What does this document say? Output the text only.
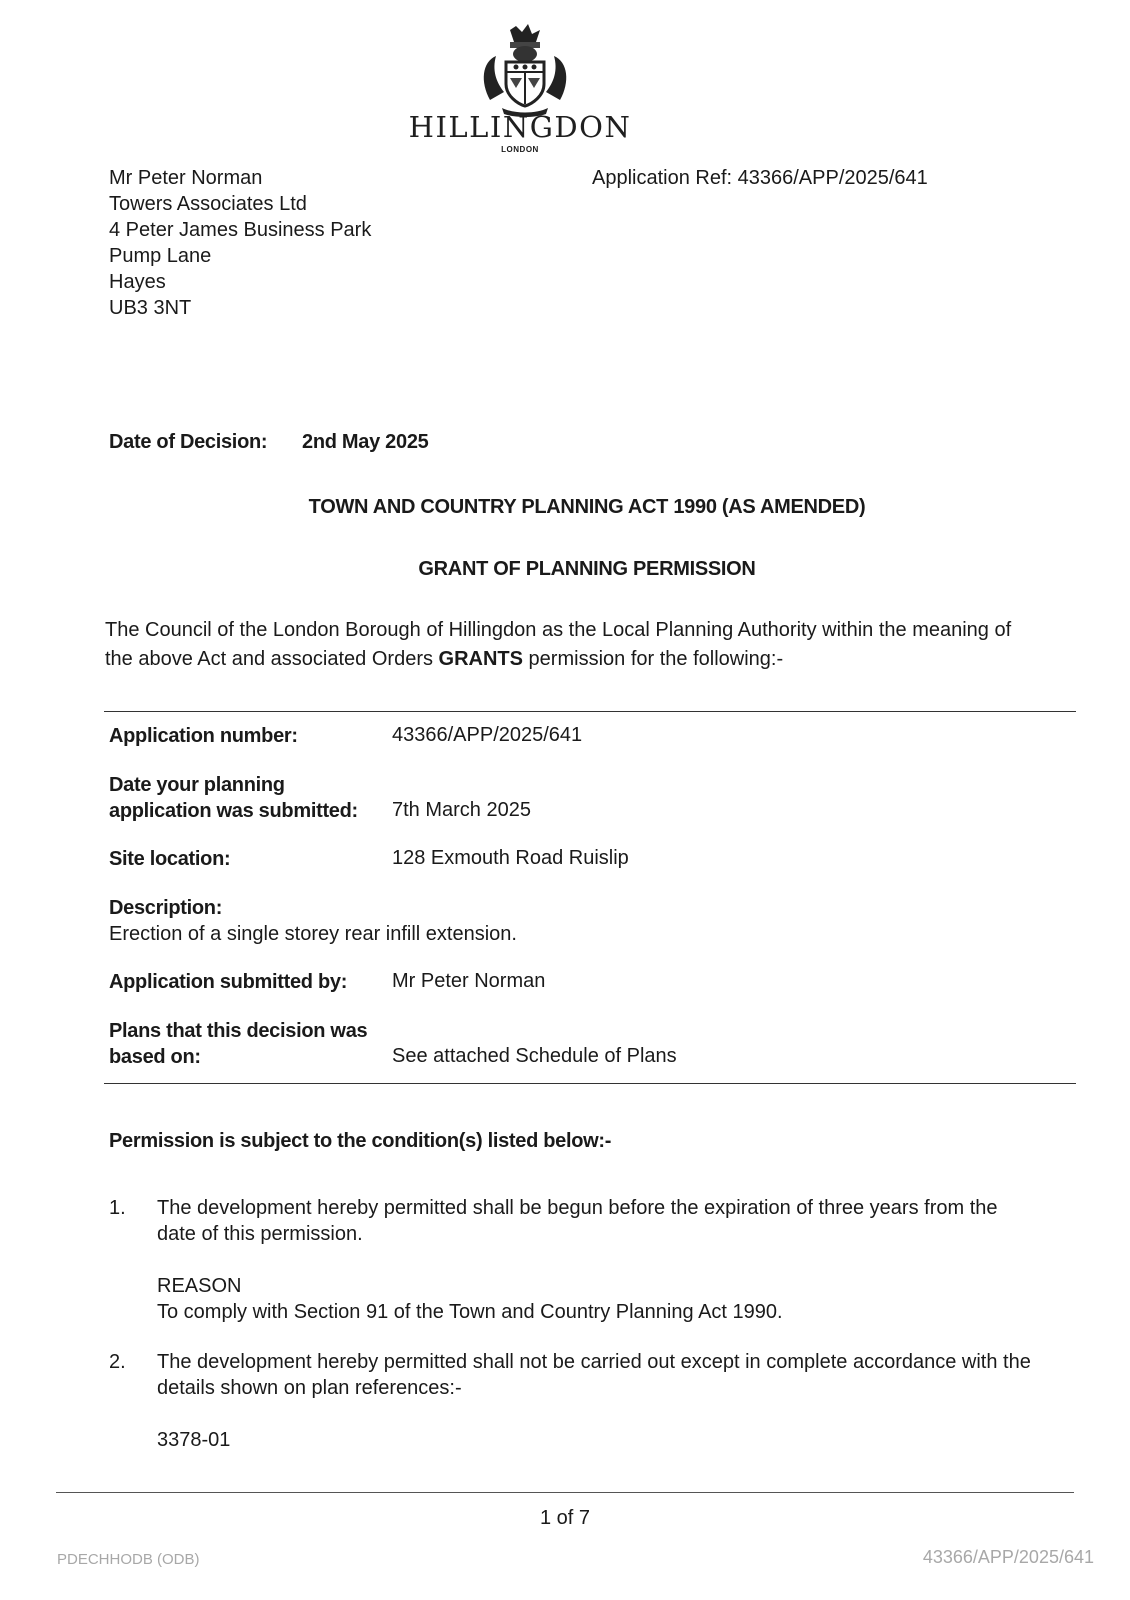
HILLINGDON
LONDON
Mr Peter Norman
Towers Associates Ltd
4 Peter James Business Park
Pump Lane
Hayes
UB3 3NT
Application Ref: 43366/APP/2025/641
Date of Decision: 2nd May 2025
TOWN AND COUNTRY PLANNING ACT 1990 (AS AMENDED)
GRANT OF PLANNING PERMISSION
The Council of the London Borough of Hillingdon as the Local Planning Authority within the meaning of
the above Act and associated Orders GRANTS permission for the following:-
Application number:	43366/APP/2025/641
Date your planning
application was submitted: 7th March 2025
Site location:	128 Exmouth Road Ruislip
Description:
Erection of a single storey rear infill extension.
Application submitted by: Mr Peter Norman
Plans that this decision was
based on:	See attached Schedule of Plans
Permission is subject to the condition(s) listed below:-
1. The development hereby permitted shall be begun before the expiration of three years from the
date of this permission.
REASON
To comply with Section 91 of the Town and Country Planning Act 1990.
2. The development hereby permitted shall not be carried out except in complete accordance with the
details shown on plan references:-
3378-01
1 of 7
PDECHHODB (ODB)	43366/APP/2025/641
